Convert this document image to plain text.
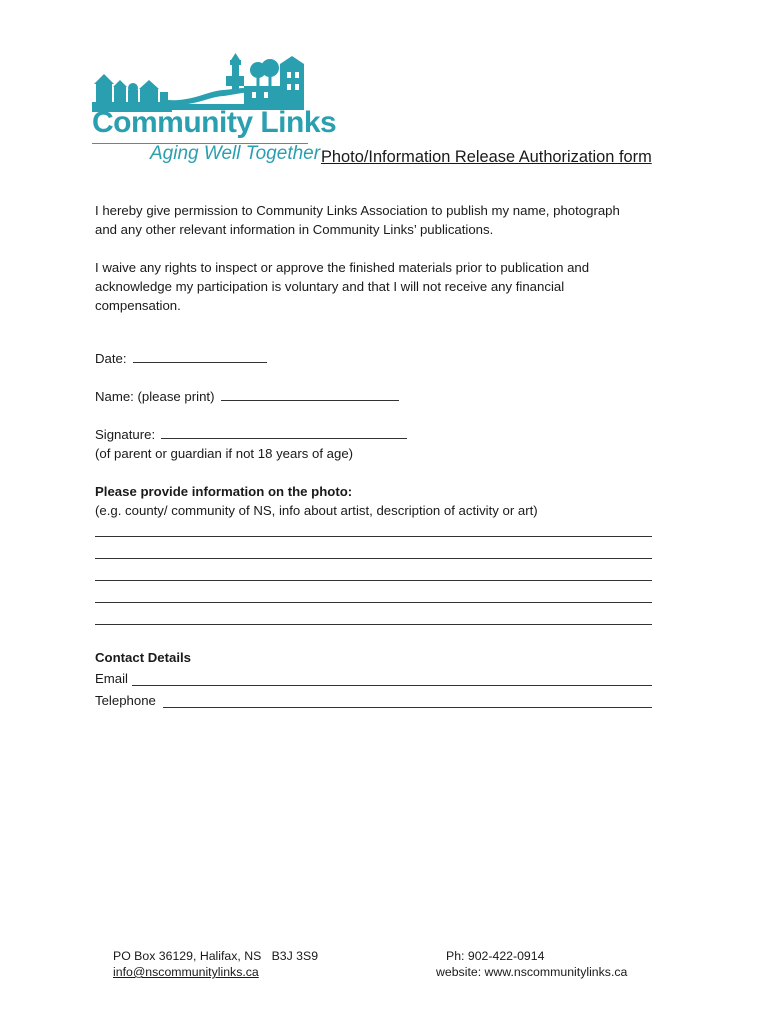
Community Links
Aging Well Together Photo/Information Release Authorization form
I hereby give permission to Community Links Association to publish my name, photograph
and any other relevant information in Community Links’ publications.
I waive any rights to inspect or approve the finished materials prior to publication and
acknowledge my participation is voluntary and that I will not receive any financial
compensation.
Date:
Name: (please print)
Signature:
(of parent or guardian if not 18 years of age)
Please provide information on the photo:
(e.g. county/ community of NS, info about artist, description of activity or art)
Contact Details
Email
Telephone
PO Box 36129, Halifax, NS   B3J 3S9
info@nscommunitylinks.ca
Ph: 902-422-0914
website: www.nscommunitylinks.ca
